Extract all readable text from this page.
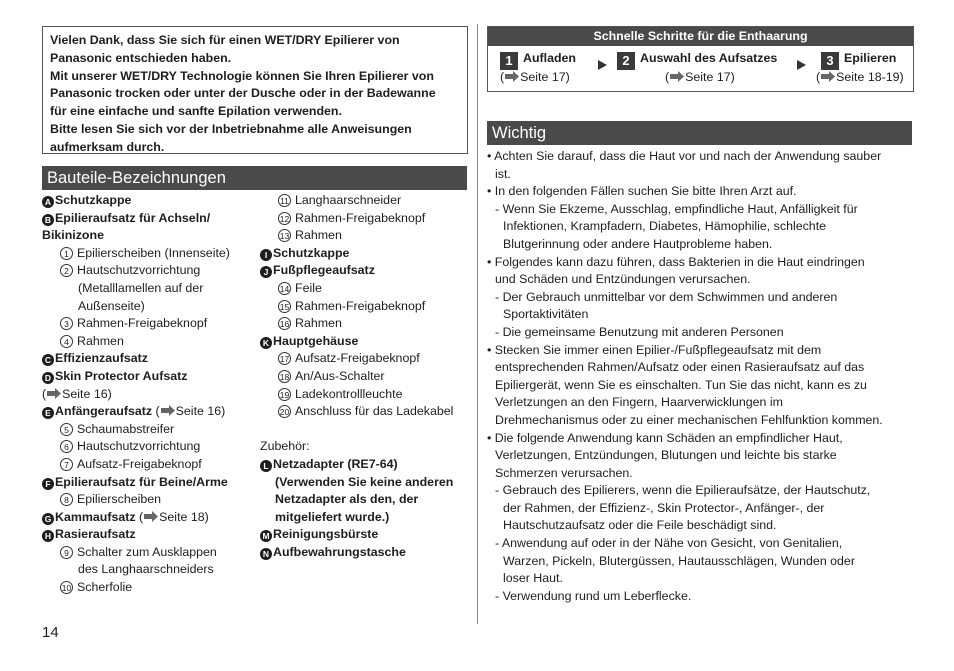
Vielen Dank, dass Sie sich für einen WET/DRY Epilierer von

Panasonic entschieden haben.

Mit unserer WET/DRY Technologie können Sie Ihren Epilierer von

Panasonic trocken oder unter der Dusche oder in der Badewanne

für eine einfache und sanfte Epilation verwenden.

Bitte lesen Sie sich vor der Inbetriebnahme alle Anweisungen

aufmerksam durch.

Bauteile-Bezeichnungen
A Schutzkappe
B Epilieraufsatz für Achseln/
Bikinizone
1 Epilierscheiben (Innenseite)
2 Hautschutzvorrichtung
(Metalllamellen auf der
Außenseite)
3 Rahmen-Freigabeknopf
4 Rahmen
C Effizienzaufsatz
D Skin Protector Aufsatz
( Seite 16)
E Anfängeraufsatz ( Seite 16)
5 Schaumabstreifer
6 Hautschutzvorrichtung
7 Aufsatz-Freigabeknopf
F Epilieraufsatz für Beine/Arme
8 Epilierscheiben
G Kammaufsatz ( Seite 18)
H Rasieraufsatz
9 Schalter zum Ausklappen
des Langhaarschneiders
10 Scherfolie
11 Langhaarschneider
12 Rahmen-Freigabeknopf
13 Rahmen
I Schutzkappe
J Fußpflegeaufsatz
14 Feile
15 Rahmen-Freigabeknopf
16 Rahmen
K Hauptgehäuse
17 Aufsatz-Freigabeknopf
18 An/Aus-Schalter
19 Ladekontrollleuchte
20 Anschluss für das Ladekabel
Zubehör:
L Netzadapter (RE7-64)
(Verwenden Sie keine anderen
Netzadapter als den, der
mitgeliefert wurde.)
M Reinigungsbürste
N Aufbewahrungstasche
Schnelle Schritte für die Enthaarung
1 Aufladen
( Seite 17)
2 Auswahl des Aufsatzes
( Seite 17)
3 Epilieren
( Seite 18-19)
Wichtig

• Achten Sie darauf, dass die Haut vor und nach der Anwendung sauber

ist.

• In den folgenden Fällen suchen Sie bitte Ihren Arzt auf.

- Wenn Sie Ekzeme, Ausschlag, empfindliche Haut, Anfälligkeit für

Infektionen, Krampfadern, Diabetes, Hämophilie, schlechte

Blutgerinnung oder andere Hautprobleme haben.

• Folgendes kann dazu führen, dass Bakterien in die Haut eindringen

und Schäden und Entzündungen verursachen.

- Der Gebrauch unmittelbar vor dem Schwimmen und anderen

Sportaktivitäten

- Die gemeinsame Benutzung mit anderen Personen

• Stecken Sie immer einen Epilier-/Fußpflegeaufsatz mit dem

entsprechenden Rahmen/Aufsatz oder einen Rasieraufsatz auf das

Epiliergerät, wenn Sie es einschalten. Tun Sie das nicht, kann es zu

Verletzungen an den Fingern, Haarverwicklungen im

Drehmechanismus oder zu einer mechanischen Fehlfunktion kommen.

• Die folgende Anwendung kann Schäden an empfindlicher Haut,

Verletzungen, Entzündungen, Blutungen und leichte bis starke

Schmerzen verursachen.

- Gebrauch des Epilierers, wenn die Epilieraufsätze, der Hautschutz,

der Rahmen, der Effizienz-, Skin Protector-, Anfänger-, der

Hautschutzaufsatz oder die Feile beschädigt sind.

- Anwendung auf oder in der Nähe von Gesicht, von Genitalien,

Warzen, Pickeln, Blutergüssen, Hautausschlägen, Wunden oder

loser Haut.

- Verwendung rund um Leberflecke.

14
